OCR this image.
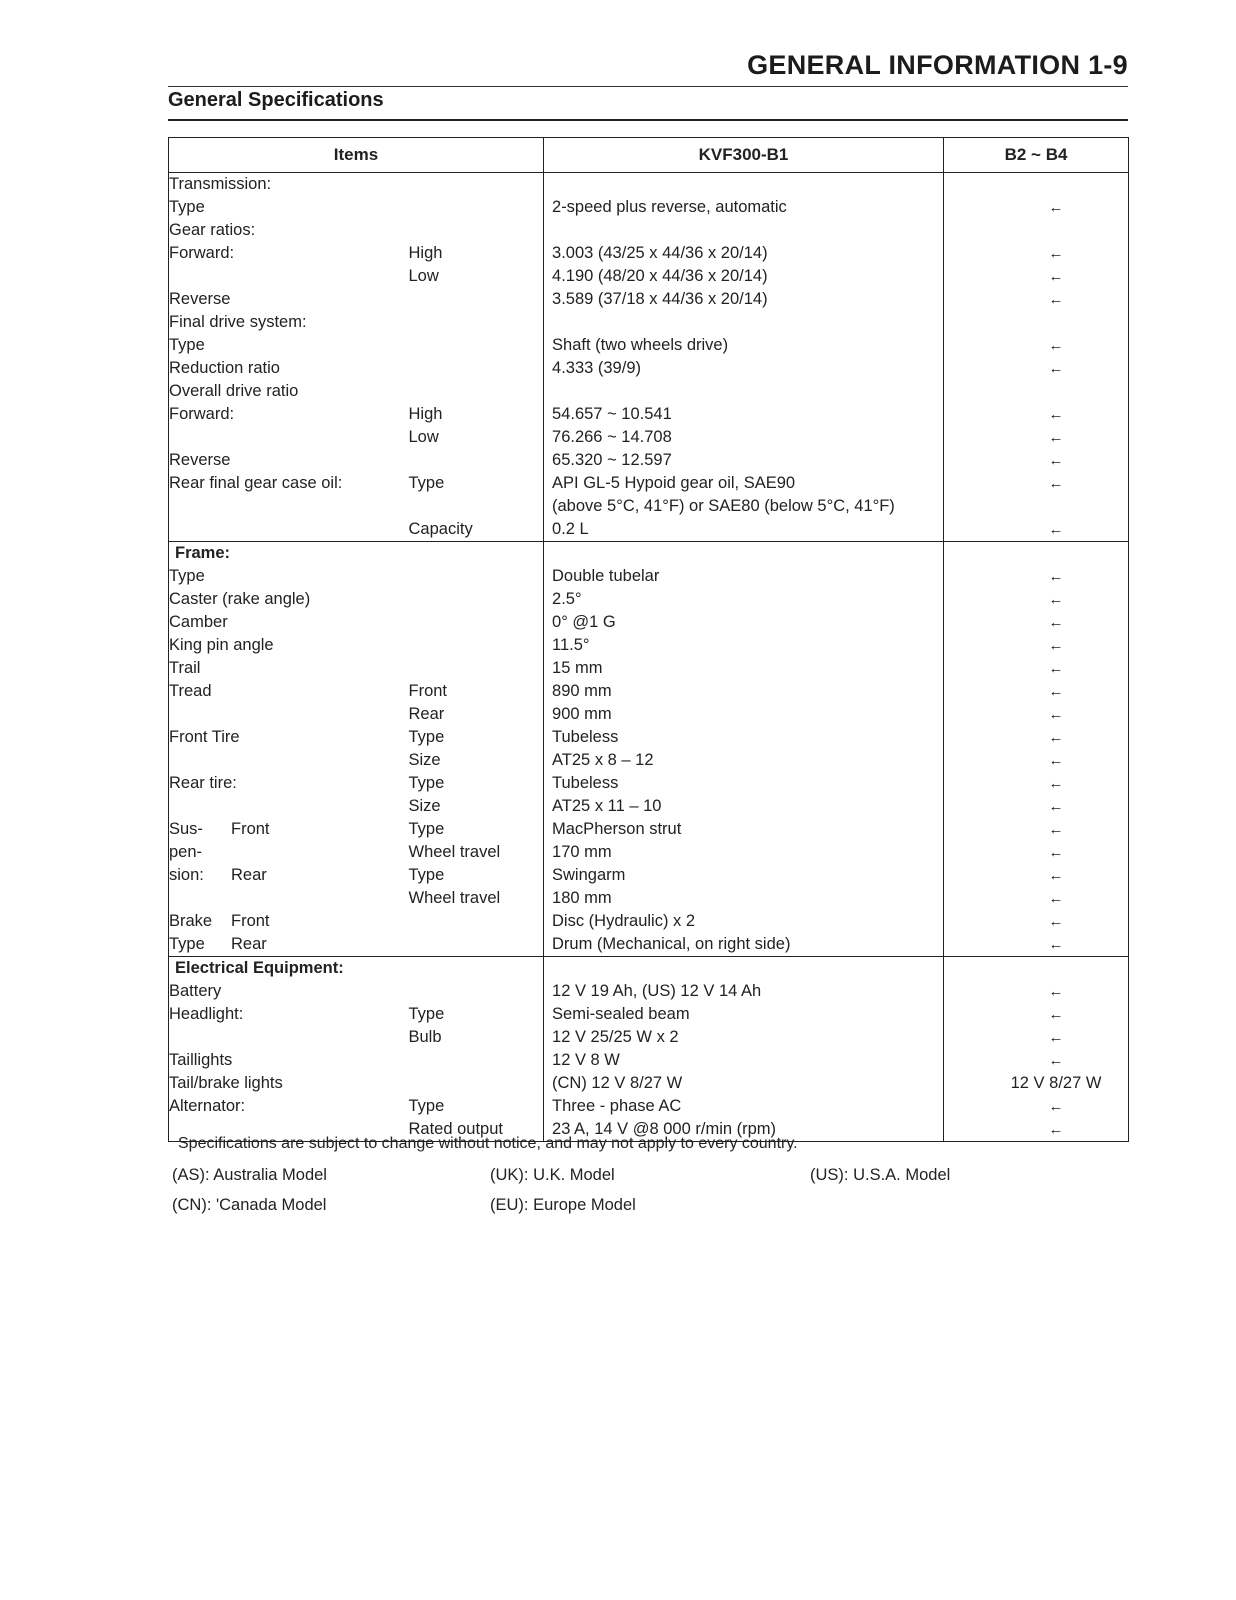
GENERAL INFORMATION 1-9
General Specifications
Items		KVF300-B1	B2 ~ B4
Transmission:			
Type		2-speed plus reverse, automatic	←
Gear ratios:			
Forward:	High	3.003 (43/25 x 44/36 x 20/14)	←
	Low	4.190 (48/20 x 44/36 x 20/14)	←
Reverse		3.589 (37/18 x 44/36 x 20/14)	←
Final drive system:			
Type		Shaft (two wheels drive)	←
Reduction ratio		4.333 (39/9)	←
Overall drive ratio			
Forward:	High	54.657 ~ 10.541	←
	Low	76.266 ~ 14.708	←
Reverse		65.320 ~ 12.597	←
Rear final gear case oil:	Type	API GL-5 Hypoid gear oil, SAE90	←
		(above 5°C, 41°F) or SAE80 (below 5°C, 41°F)	
	Capacity	0.2 L	←
Frame:			
Type		Double tubelar	←
Caster (rake angle)		2.5°	←
Camber		0° @1 G	←
King pin angle		11.5°	←
Trail		15 mm	←
Tread	Front	890 mm	←
	Rear	900 mm	←
Front Tire	Type	Tubeless	←
	Size	AT25 x 8 – 12	←
Rear tire:	Type	Tubeless	←
	Size	AT25 x 11 – 10	←
Sus- Front	Type	MacPherson strut	←
pen-	Wheel travel	170 mm	←
sion: Rear	Type	Swingarm	←
	Wheel travel	180 mm	←
Brake Front		Disc (Hydraulic) x 2	←
Type Rear		Drum (Mechanical, on right side)	←
Electrical Equipment:			
Battery		12 V 19 Ah, (US) 12 V 14 Ah	←
Headlight:	Type	Semi-sealed beam	←
	Bulb	12 V 25/25 W x 2	←
Taillights		12 V 8 W	←
Tail/brake lights		(CN) 12 V 8/27 W	12 V 8/27 W
Alternator:	Type	Three - phase AC	←
	Rated output	23 A, 14 V @8 000 r/min (rpm)	←
Specifications are subject to change without notice, and may not apply to every country.
(AS): Australia Model	(UK): U.K. Model	(US): U.S.A. Model
(CN): 'Canada Model	(EU): Europe Model
